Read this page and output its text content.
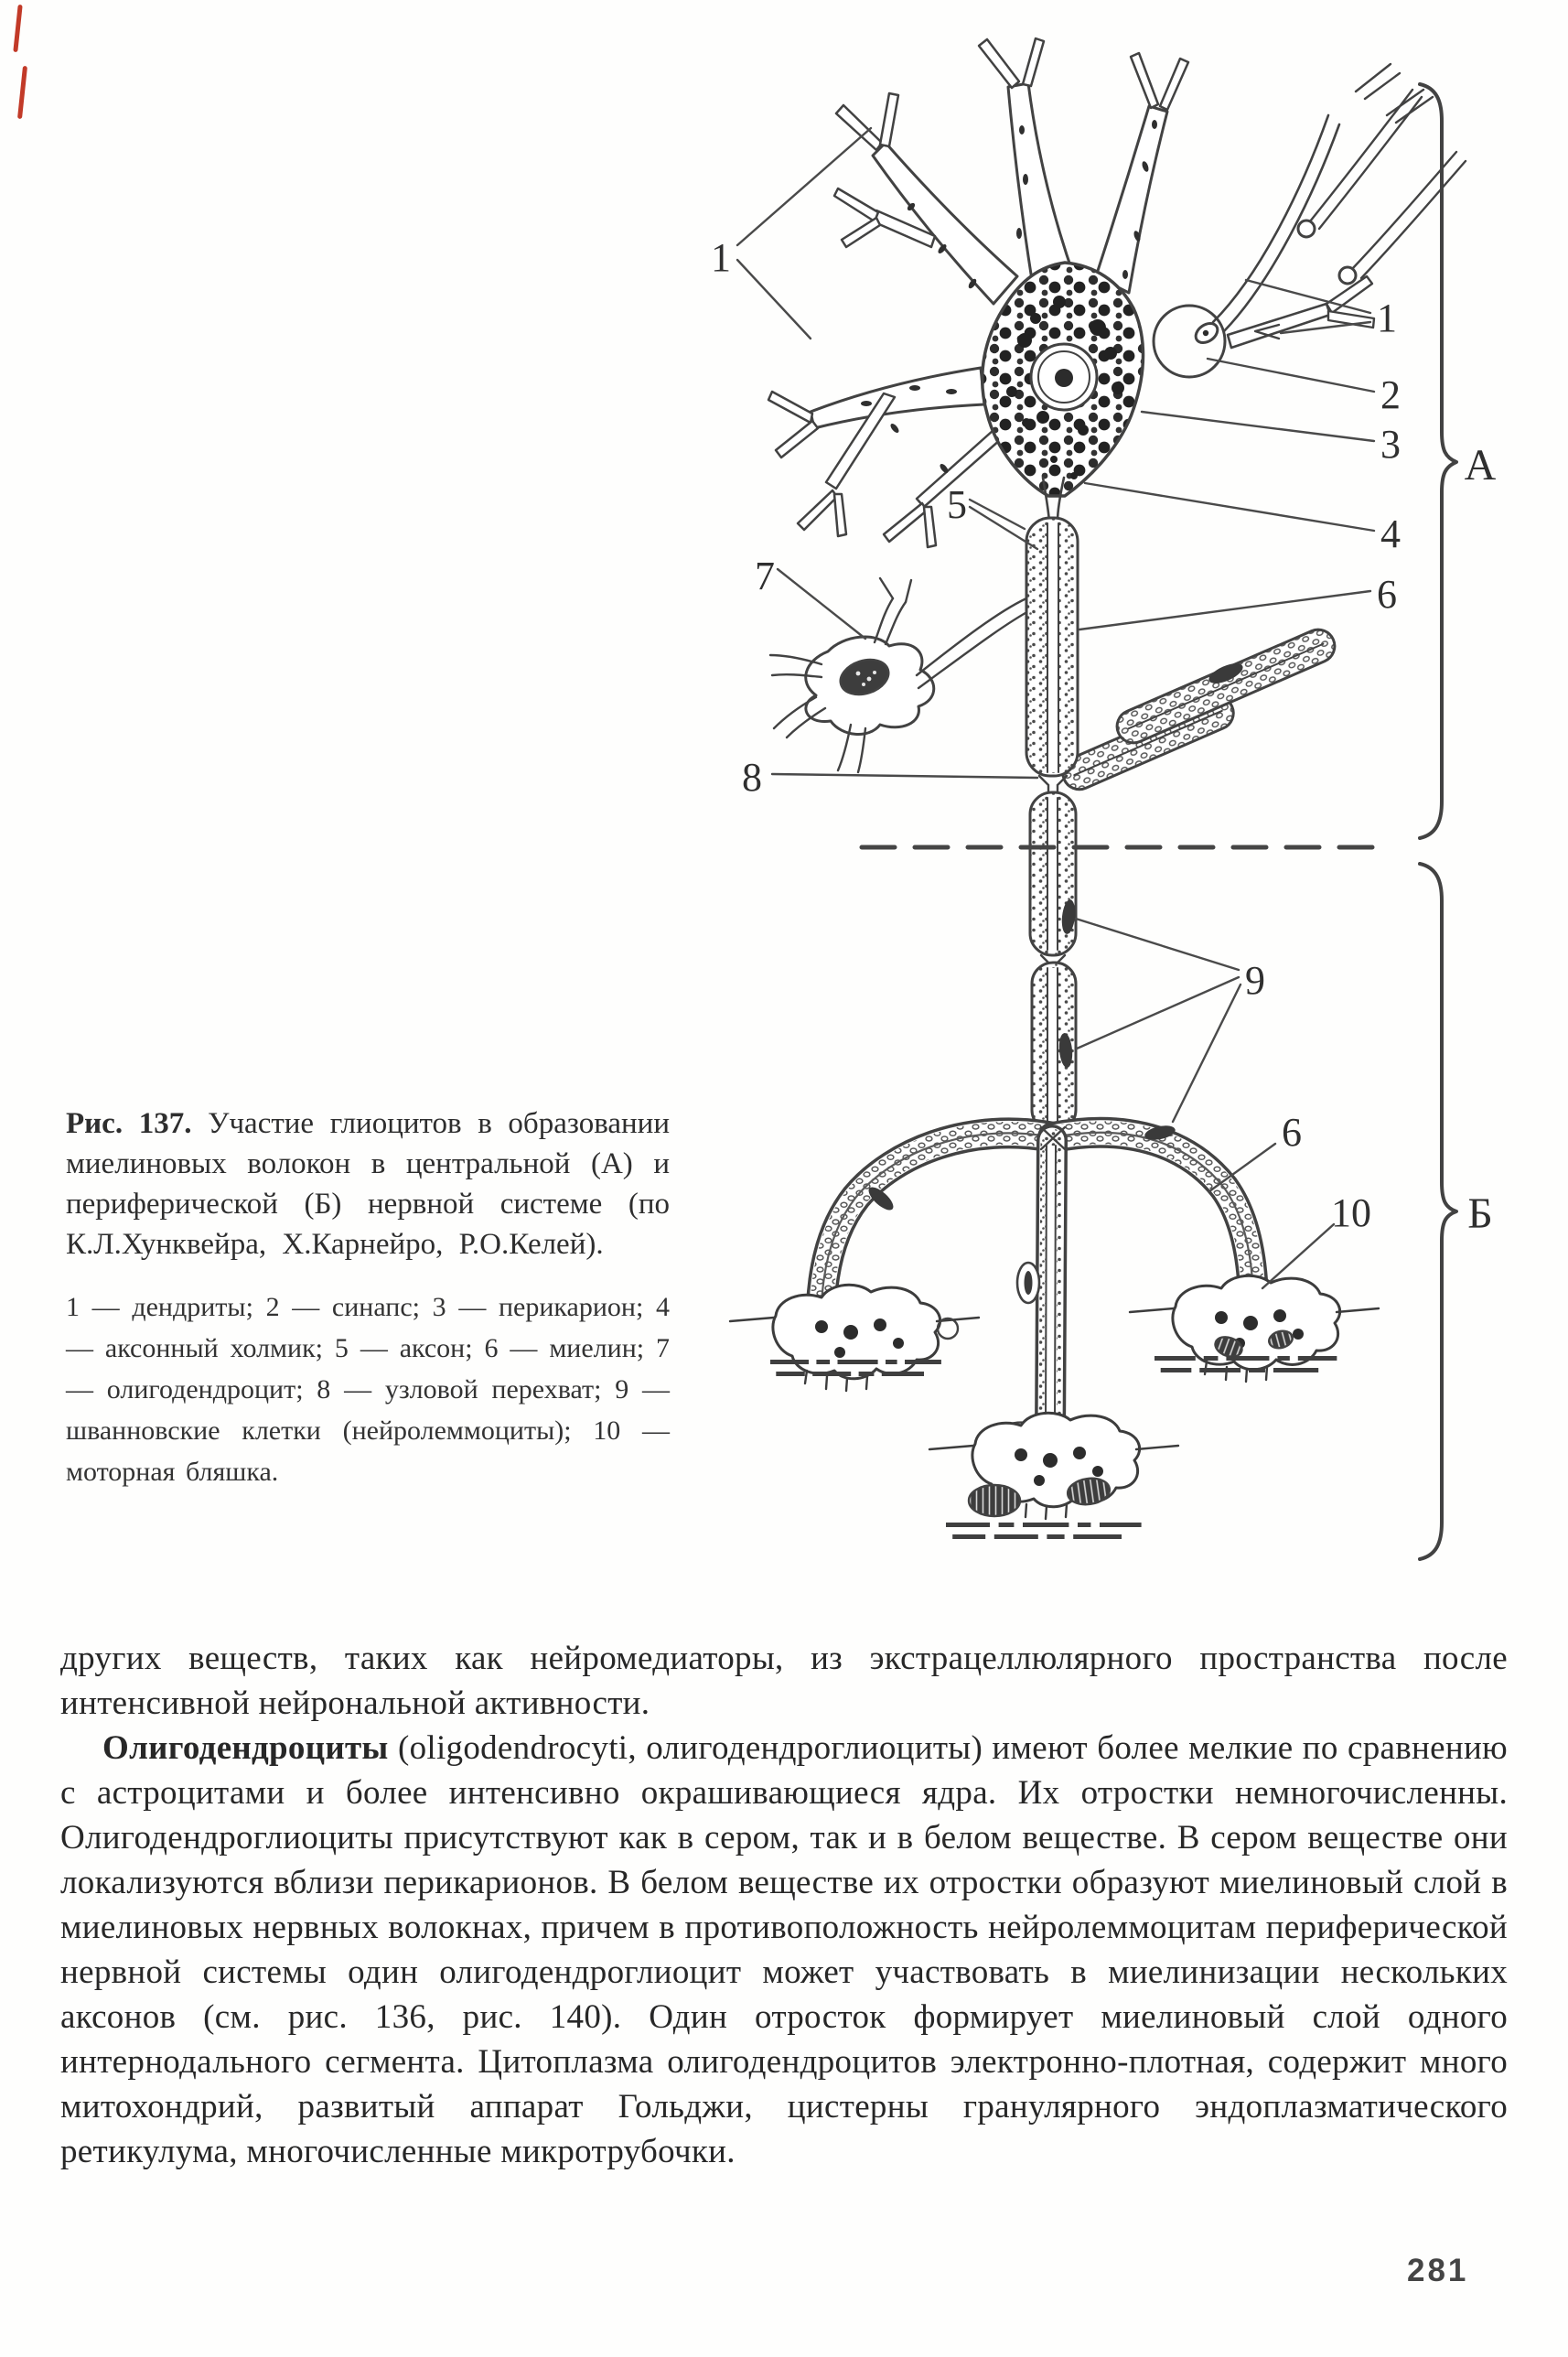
1
1
2
3
4
5
6
7
8
9
6
10
А
Б

Рис. 137. Участие глиоцитов в образовании миелиновых волокон в центральной (А) и периферической (Б) нервной системе (по К.Л.Хунквейра, Х.Карнейро, Р.О.Келей).

1 — дендриты; 2 — синапс; 3 — перикарион; 4 — аксонный холмик; 5 — аксон; 6 — миелин; 7 — олигодендроцит; 8 — узловой перехват; 9 — шванновские клетки (нейролеммоциты); 10 — моторная бляшка.

других веществ, таких как нейромедиаторы, из экстрацеллюлярного пространства после интенсивной нейрональной активности.

Олигодендроциты (oligodendrocyti, олигодендроглиоциты) имеют более мелкие по сравнению с астроцитами и более интенсивно окрашивающиеся ядра. Их отростки немногочисленны. Олигодендроглиоциты присутствуют как в сером, так и в белом веществе. В сером веществе они локализуются вблизи перикарионов. В белом веществе их отростки образуют миелиновый слой в миелиновых нервных волокнах, причем в противоположность нейролеммоцитам периферической нервной системы один олигодендроглиоцит может участвовать в миелинизации нескольких аксонов (см. рис. 136, рис. 140). Один отросток формирует миелиновый слой одного интернодального сегмента. Цитоплазма олигодендроцитов электронно-плотная, содержит много митохондрий, развитый аппарат Гольджи, цистерны гранулярного эндоплазматического ретикулума, многочисленные микротрубочки.

281
